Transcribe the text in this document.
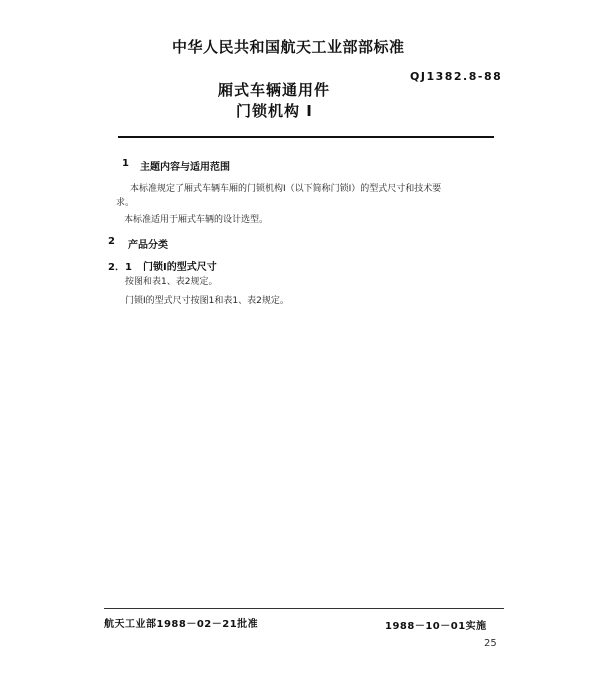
中华人民共和国航天工业部部标准
QJ1382.8-88
厢式车辆通用件
门锁机构 I
1 主题内容与适用范围
本标准规定了厢式车辆车厢的门锁机构Ⅰ（以下简称门锁Ⅰ）的型式尺寸和技术要
求。
本标准适用于厢式车辆的设计选型。
2 产品分类
2．1 门锁Ⅰ的型式尺寸
按图和表1、表2规定。
门锁Ⅰ的型式尺寸按图1和表1、表2规定。
航天工业部1988－02－21批准	1988－10－01实施
25
